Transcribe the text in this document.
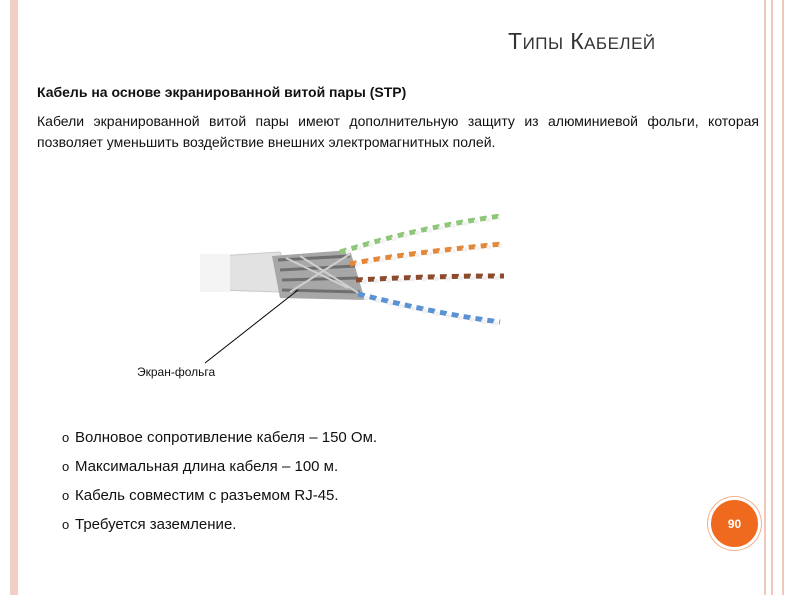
ТИПЫ КАБЕЛЕЙ
Кабель на основе экранированной витой пары (STP)
Кабели экранированной витой пары имеют дополнительную защиту из алюминиевой фольги, которая позволяет уменьшить воздействие внешних электромагнитных полей.
Экран-фольга
o Волновое сопротивление кабеля – 150 Ом.
o Максимальная длина кабеля – 100 м.
o Кабель совместим с разъемом RJ-45.
o Требуется заземление.	90
